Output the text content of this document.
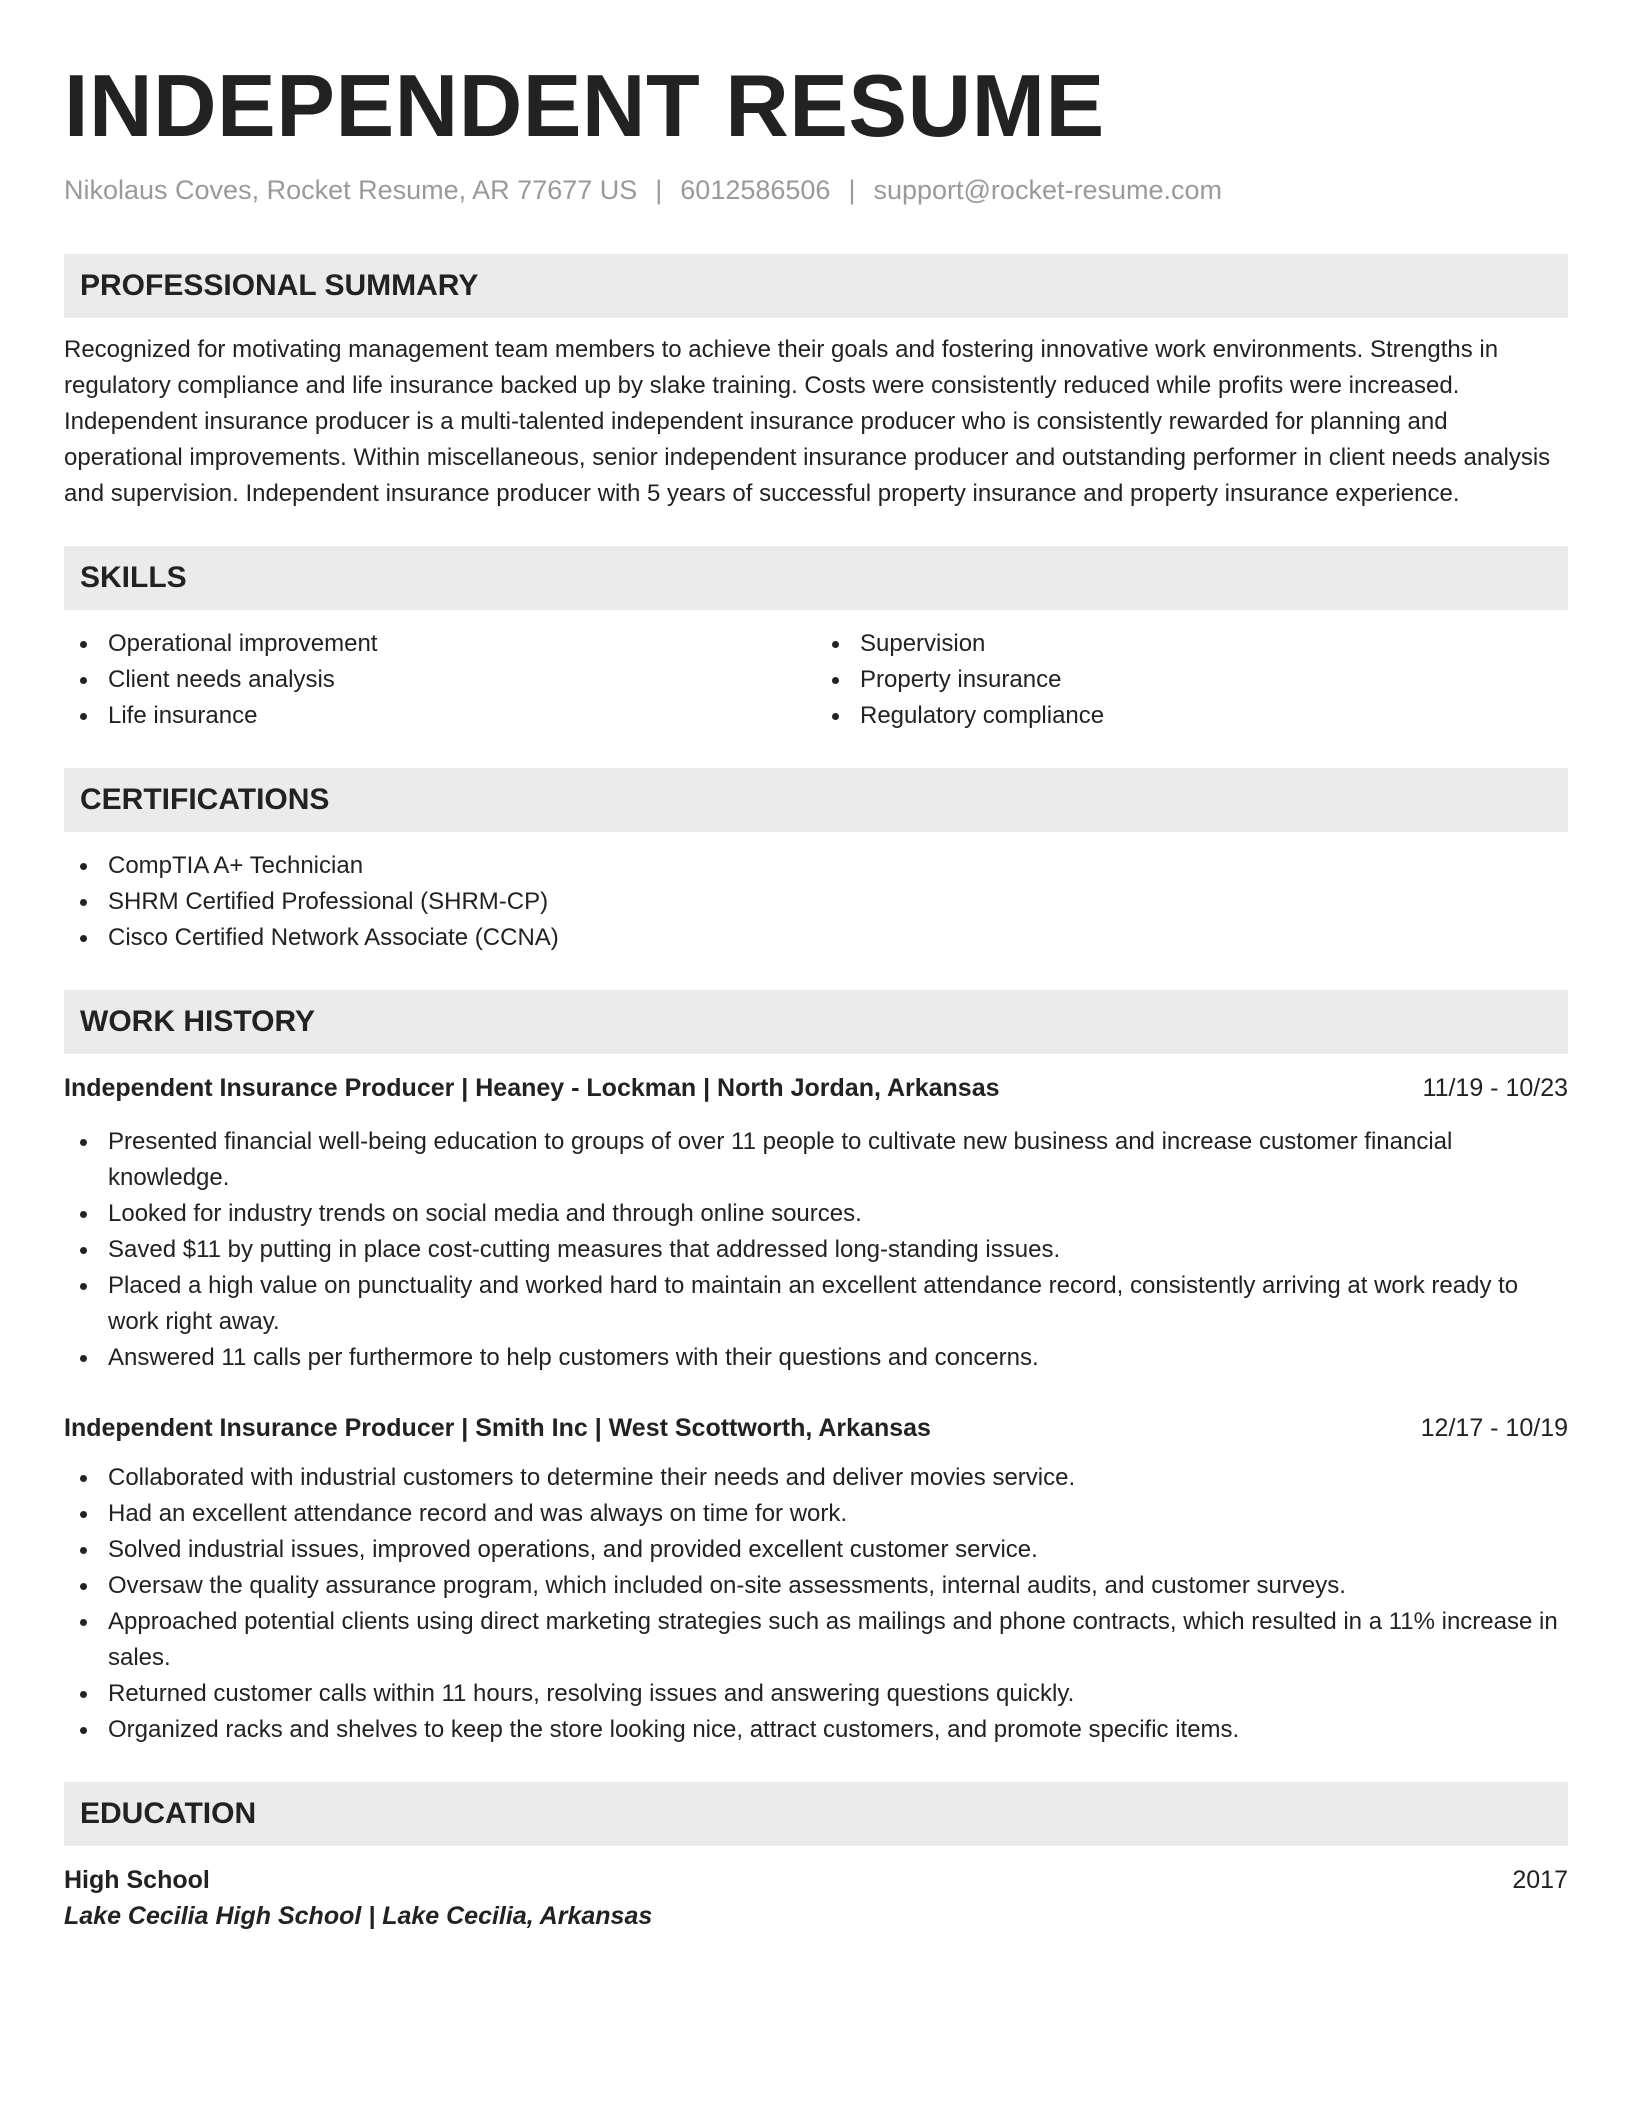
INDEPENDENT RESUME
Nikolaus Coves, Rocket Resume, AR 77677 US | 6012586506 | support@rocket-resume.com
PROFESSIONAL SUMMARY

Recognized for motivating management team members to achieve their goals and fostering innovative work environments. Strengths in regulatory compliance and life insurance backed up by slake training. Costs were consistently reduced while profits were increased. Independent insurance producer is a multi-talented independent insurance producer who is consistently rewarded for planning and operational improvements. Within miscellaneous, senior independent insurance producer and outstanding performer in client needs analysis and supervision. Independent insurance producer with 5 years of successful property insurance and property insurance experience.

SKILLS
Operational improvement
Client needs analysis
Life insurance
Supervision
Property insurance
Regulatory compliance
CERTIFICATIONS
CompTIA A+ Technician
SHRM Certified Professional (SHRM-CP)
Cisco Certified Network Associate (CCNA)
WORK HISTORY
Independent Insurance Producer | Heaney - Lockman | North Jordan, Arkansas	11/19 - 10/23
Presented financial well-being education to groups of over 11 people to cultivate new business and increase customer financial knowledge.
Looked for industry trends on social media and through online sources.
Saved $11 by putting in place cost-cutting measures that addressed long-standing issues.
Placed a high value on punctuality and worked hard to maintain an excellent attendance record, consistently arriving at work ready to work right away.
Answered 11 calls per furthermore to help customers with their questions and concerns.
Independent Insurance Producer | Smith Inc | West Scottworth, Arkansas	12/17 - 10/19
Collaborated with industrial customers to determine their needs and deliver movies service.
Had an excellent attendance record and was always on time for work.
Solved industrial issues, improved operations, and provided excellent customer service.
Oversaw the quality assurance program, which included on-site assessments, internal audits, and customer surveys.
Approached potential clients using direct marketing strategies such as mailings and phone contracts, which resulted in a 11% increase in sales.
Returned customer calls within 11 hours, resolving issues and answering questions quickly.
Organized racks and shelves to keep the store looking nice, attract customers, and promote specific items.
EDUCATION
High School	2017
Lake Cecilia High School | Lake Cecilia, Arkansas
